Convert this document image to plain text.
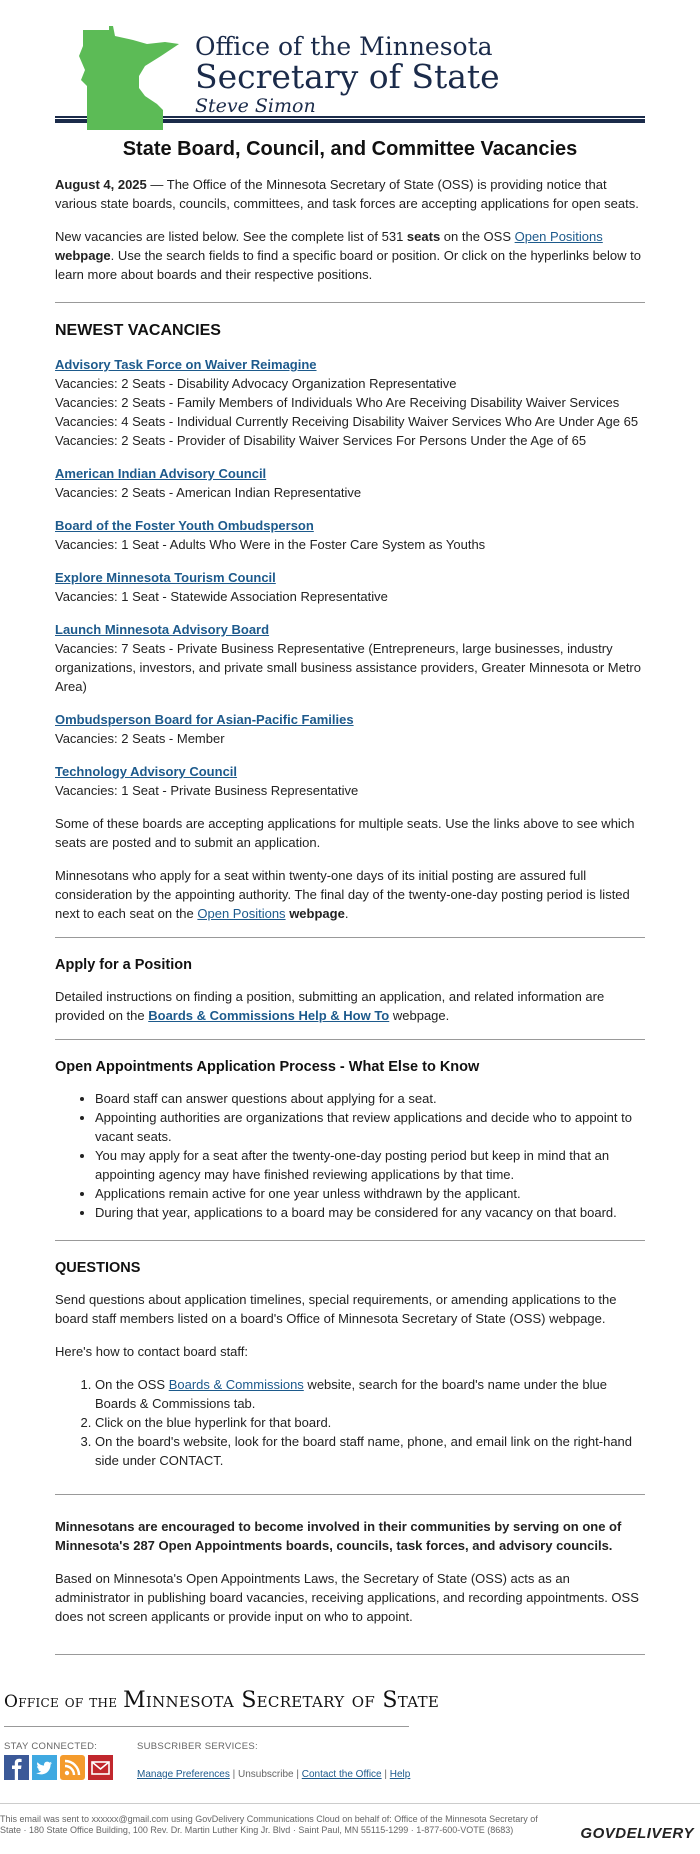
Office of the Minnesota
Secretary of State
Steve Simon
State Board, Council, and Committee Vacancies

August 4, 2025 — The Office of the Minnesota Secretary of State (OSS) is providing notice that various state boards, councils, committees, and task forces are accepting applications for open seats.

New vacancies are listed below. See the complete list of 531 seats on the OSS Open Positions webpage. Use the search fields to find a specific board or position. Or click on the hyperlinks below to learn more about boards and their respective positions.

NEWEST VACANCIES
Advisory Task Force on Waiver Reimagine
Vacancies: 2 Seats - Disability Advocacy Organization Representative
Vacancies: 2 Seats - Family Members of Individuals Who Are Receiving Disability Waiver Services
Vacancies: 4 Seats - Individual Currently Receiving Disability Waiver Services Who Are Under Age 65
Vacancies: 2 Seats - Provider of Disability Waiver Services For Persons Under the Age of 65
American Indian Advisory Council
Vacancies: 2 Seats - American Indian Representative
Board of the Foster Youth Ombudsperson
Vacancies: 1 Seat - Adults Who Were in the Foster Care System as Youths
Explore Minnesota Tourism Council
Vacancies: 1 Seat - Statewide Association Representative
Launch Minnesota Advisory Board
Vacancies: 7 Seats - Private Business Representative (Entrepreneurs, large businesses, industry organizations, investors, and private small business assistance providers, Greater Minnesota or Metro Area)
Ombudsperson Board for Asian-Pacific Families
Vacancies: 2 Seats - Member
Technology Advisory Council
Vacancies: 1 Seat - Private Business Representative

Some of these boards are accepting applications for multiple seats. Use the links above to see which seats are posted and to submit an application.

Minnesotans who apply for a seat within twenty-one days of its initial posting are assured full consideration by the appointing authority. The final day of the twenty-one-day posting period is listed next to each seat on the Open Positions webpage.

Apply for a Position

Detailed instructions on finding a position, submitting an application, and related information are provided on the Boards & Commissions Help & How To webpage.

Open Appointments Application Process - What Else to Know
• Board staff can answer questions about applying for a seat.
• Appointing authorities are organizations that review applications and decide who to appoint to vacant seats.
• You may apply for a seat after the twenty-one-day posting period but keep in mind that an appointing agency may have finished reviewing applications by that time.
• Applications remain active for one year unless withdrawn by the applicant.
• During that year, applications to a board may be considered for any vacancy on that board.
QUESTIONS

Send questions about application timelines, special requirements, or amending applications to the board staff members listed on a board's Office of Minnesota Secretary of State (OSS) webpage.

Here's how to contact board staff:

1. On the OSS Boards & Commissions website, search for the board's name under the blue Boards & Commissions tab.
2. Click on the blue hyperlink for that board.
3. On the board's website, look for the board staff name, phone, and email link on the right-hand side under CONTACT.

Minnesotans are encouraged to become involved in their communities by serving on one of Minnesota's 287 Open Appointments boards, councils, task forces, and advisory councils.

Based on Minnesota's Open Appointments Laws, the Secretary of State (OSS) acts as an administrator in publishing board vacancies, receiving applications, and recording appointments. OSS does not screen applicants or provide input on who to appoint.

Office of the Minnesota Secretary of State
STAY CONNECTED:	SUBSCRIBER SERVICES:
Manage Preferences | Unsubscribe | Contact the Office | Help
This email was sent to xxxxxx@gmail.com using GovDelivery Communications Cloud on behalf of: Office of the Minnesota Secretary of State · 180 State Office Building, 100 Rev. Dr. Martin Luther King Jr. Blvd · Saint Paul, MN 55115-1299 · 1-877-600-VOTE (8683)	GOVDELIVERY
